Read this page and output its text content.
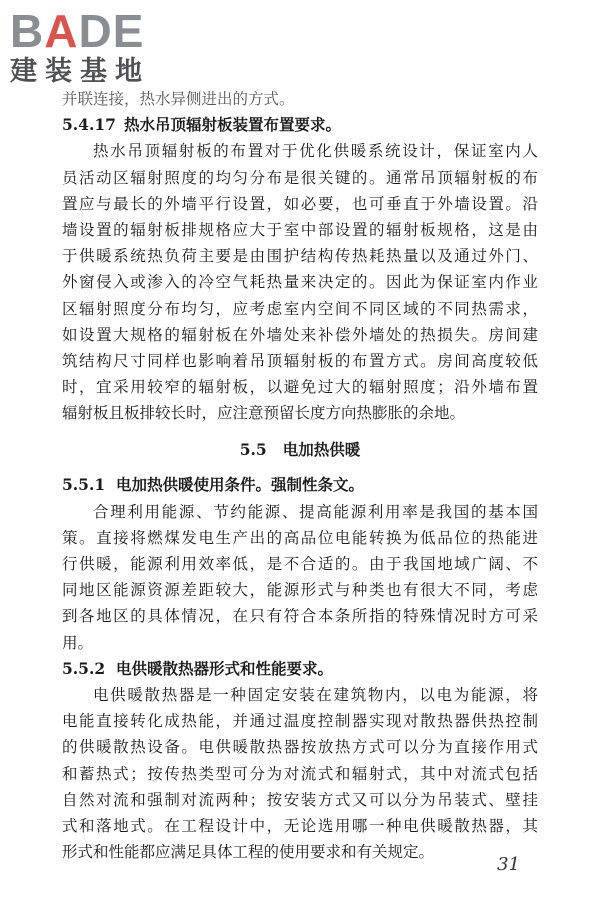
BADE
建装基地
并联连接，热水异侧进出的方式。
5.4.17 热水吊顶辐射板装置布置要求。
热水吊顶辐射板的布置对于优化供暖系统设计，保证室内人
员活动区辐射照度的均匀分布是很关键的。通常吊顶辐射板的布
置应与最长的外墙平行设置，如必要，也可垂直于外墙设置。沿
墙设置的辐射板排规格应大于室中部设置的辐射板规格，这是由
于供暖系统热负荷主要是由围护结构传热耗热量以及通过外门、
外窗侵入或渗入的冷空气耗热量来决定的。因此为保证室内作业
区辐射照度分布均匀，应考虑室内空间不同区域的不同热需求，
如设置大规格的辐射板在外墙处来补偿外墙处的热损失。房间建
筑结构尺寸同样也影响着吊顶辐射板的布置方式。房间高度较低
时，宜采用较窄的辐射板，以避免过大的辐射照度；沿外墙布置
辐射板且板排较长时，应注意预留长度方向热膨胀的余地。
5.5 电加热供暖
5.5.1 电加热供暖使用条件。强制性条文。
合理利用能源、节约能源、提高能源利用率是我国的基本国
策。直接将燃煤发电生产出的高品位电能转换为低品位的热能进
行供暖，能源利用效率低，是不合适的。由于我国地域广阔、不
同地区能源资源差距较大，能源形式与种类也有很大不同，考虑
到各地区的具体情况，在只有符合本条所指的特殊情况时方可采
用。
5.5.2 电供暖散热器形式和性能要求。
电供暖散热器是一种固定安装在建筑物内，以电为能源，将
电能直接转化成热能，并通过温度控制器实现对散热器供热控制
的供暖散热设备。电供暖散热器按放热方式可以分为直接作用式
和蓄热式；按传热类型可分为对流式和辐射式，其中对流式包括
自然对流和强制对流两种；按安装方式又可以分为吊装式、壁挂
式和落地式。在工程设计中，无论选用哪一种电供暖散热器，其
形式和性能都应满足具体工程的使用要求和有关规定。
31
